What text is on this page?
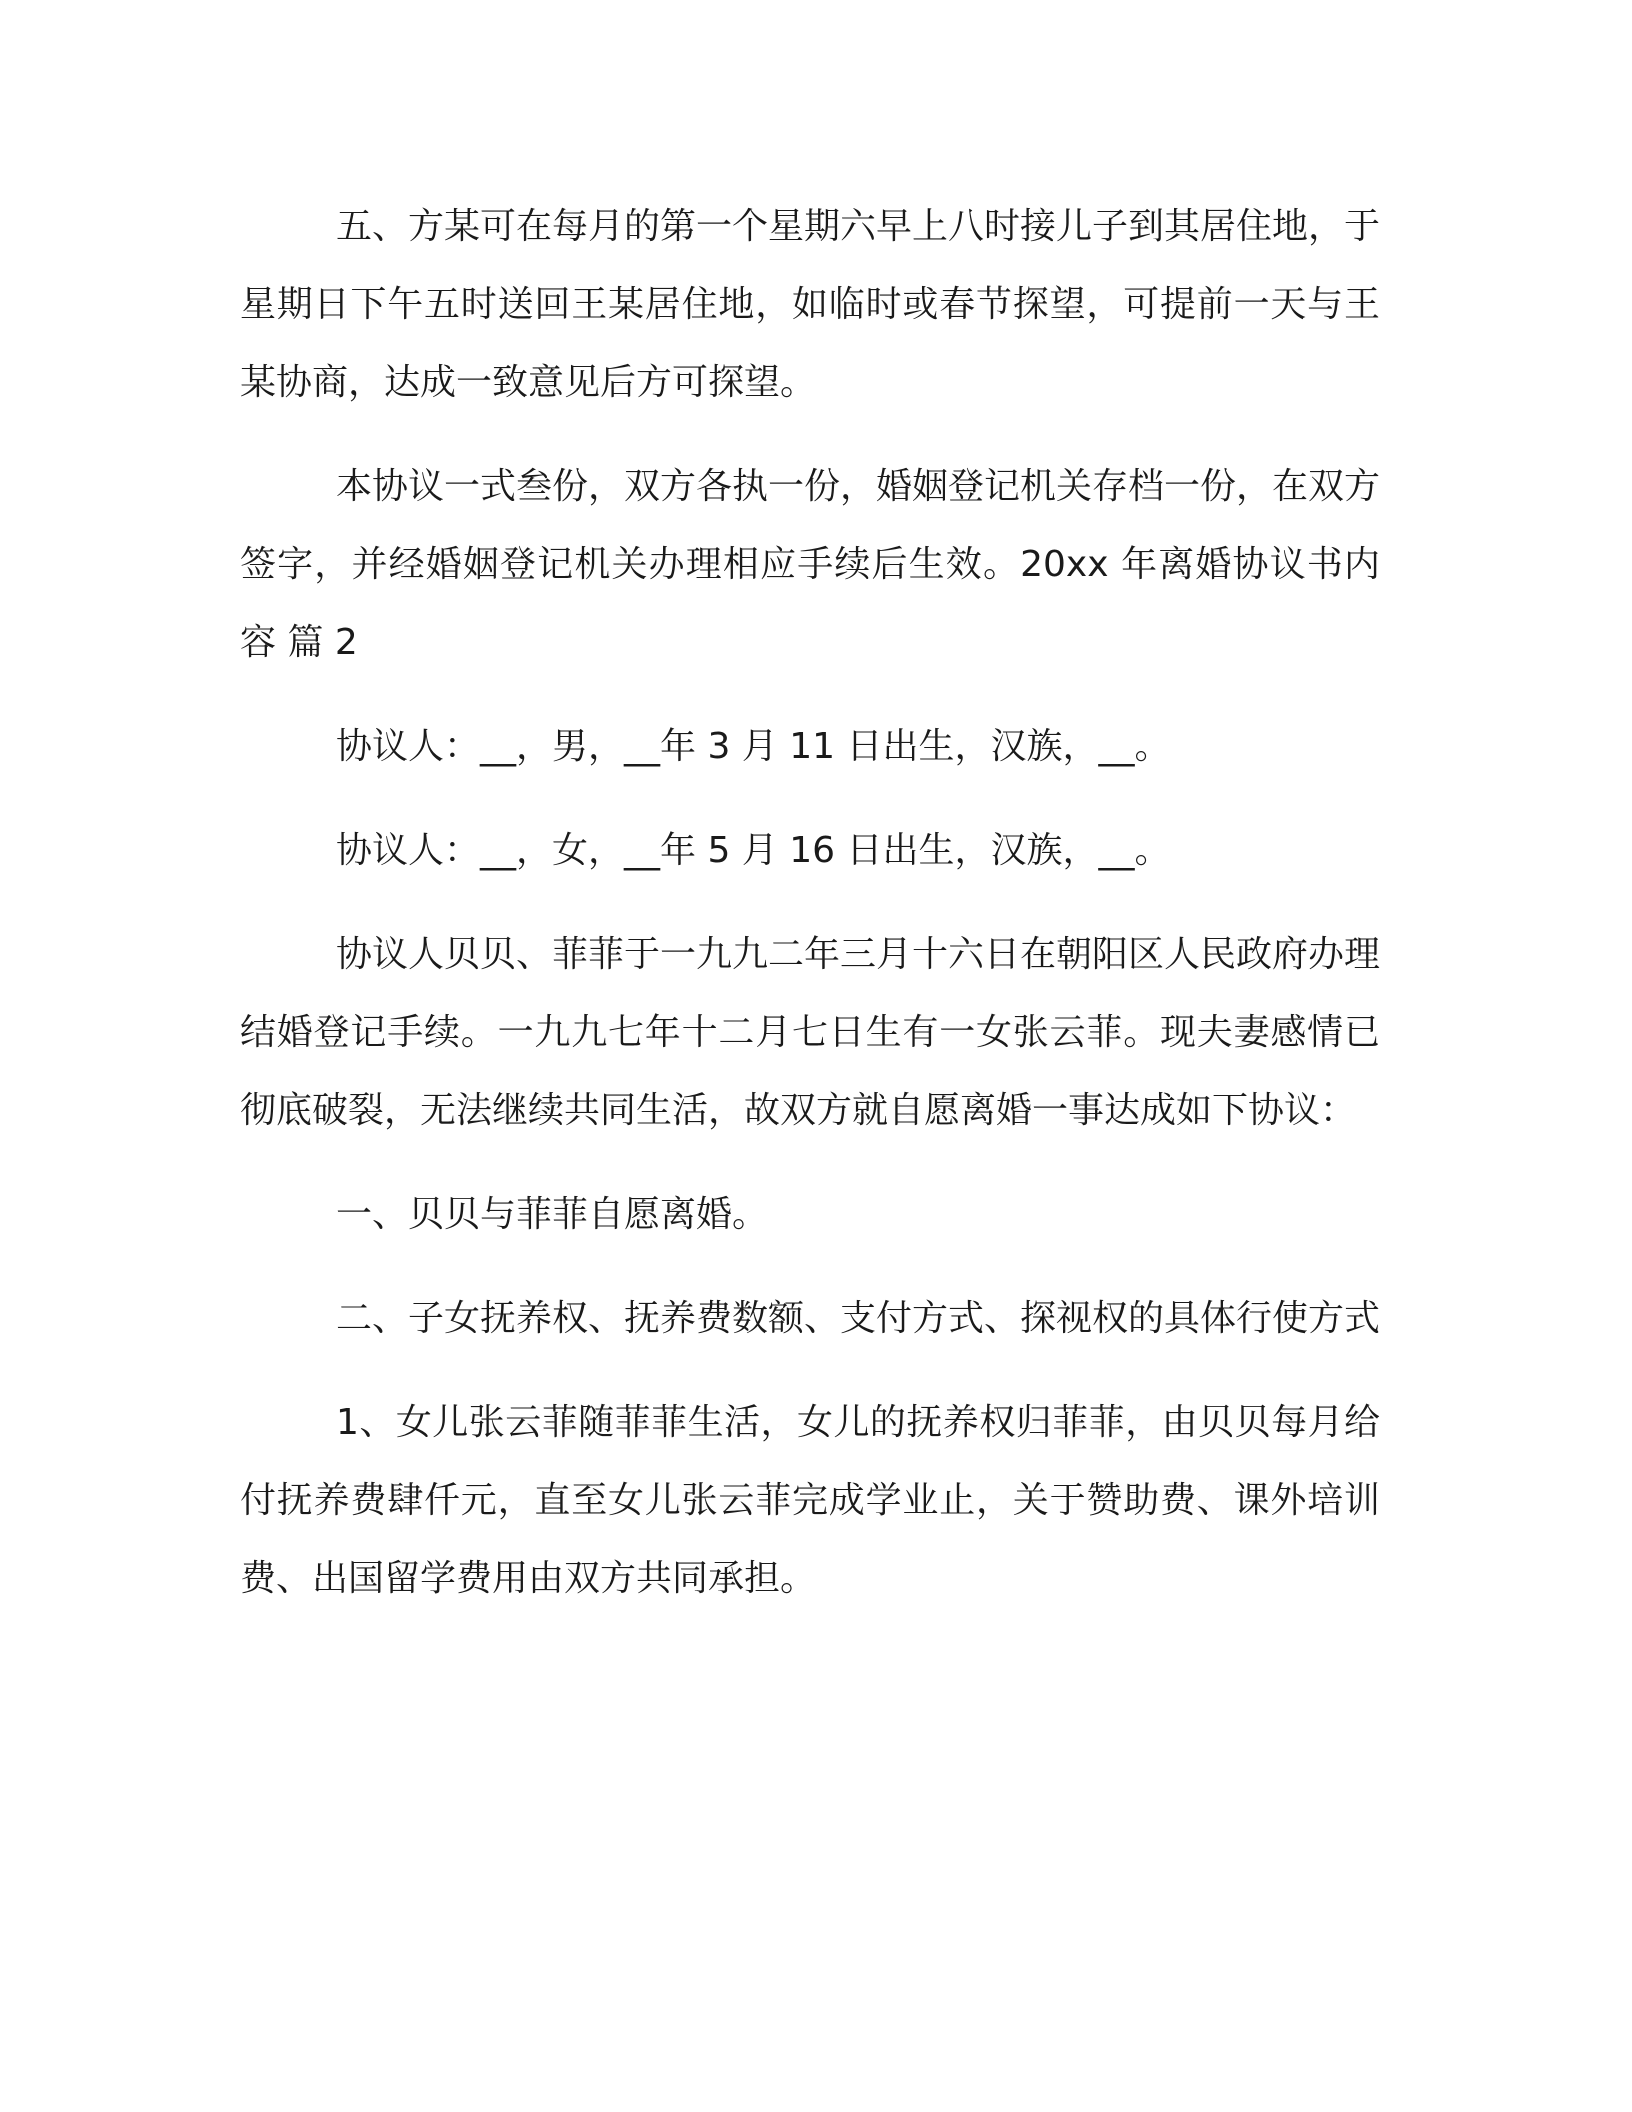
五、方某可在每月的第一个星期六早上八时接儿子到其居住地，于星期日下午五时送回王某居住地，如临时或春节探望，可提前一天与王某协商，达成一致意见后方可探望。

本协议一式叁份，双方各执一份，婚姻登记机关存档一份，在双方签字，并经婚姻登记机关办理相应手续后生效。20xx 年离婚协议书内容 篇 2

协议人：__，男，__年 3 月 11 日出生，汉族，__。

协议人：__，女，__年 5 月 16 日出生，汉族，__。

协议人贝贝、菲菲于一九九二年三月十六日在朝阳区人民政府办理结婚登记手续。一九九七年十二月七日生有一女张云菲。现夫妻感情已彻底破裂，无法继续共同生活，故双方就自愿离婚一事达成如下协议：

一、贝贝与菲菲自愿离婚。

二、子女抚养权、抚养费数额、支付方式、探视权的具体行使方式

1、女儿张云菲随菲菲生活，女儿的抚养权归菲菲，由贝贝每月给付抚养费肆仟元，直至女儿张云菲完成学业止，关于赞助费、课外培训费、出国留学费用由双方共同承担。
